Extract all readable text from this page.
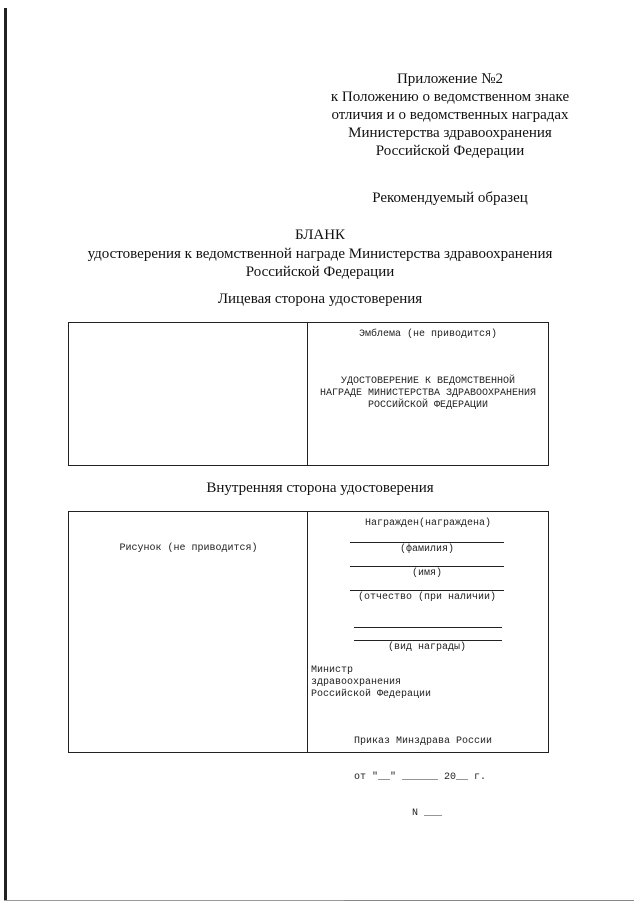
Приложение №2
к Положению о ведомственном знаке
отличия и о ведомственных наградах
Министерства здравоохранения
Российской Федерации
Рекомендуемый образец
БЛАНК
удостоверения к ведомственной награде Министерства здравоохранения
Российской Федерации
Лицевая сторона удостоверения
Эмблема (не приводится)
УДОСТОВЕРЕНИЕ К ВЕДОМСТВЕННОЙ
НАГРАДЕ МИНИСТЕРСТВА ЗДРАВООХРАНЕНИЯ
РОССИЙСКОЙ ФЕДЕРАЦИИ
Внутренняя сторона удостоверения
Рисунок (не приводится)
Награжден(награждена)
(фамилия)
(имя)
(отчество (при наличии)
(вид награды)
Министр
здравоохранения
Российской Федерации

Приказ Минздрава России

от "__" ______ 20__ г.

N ___
